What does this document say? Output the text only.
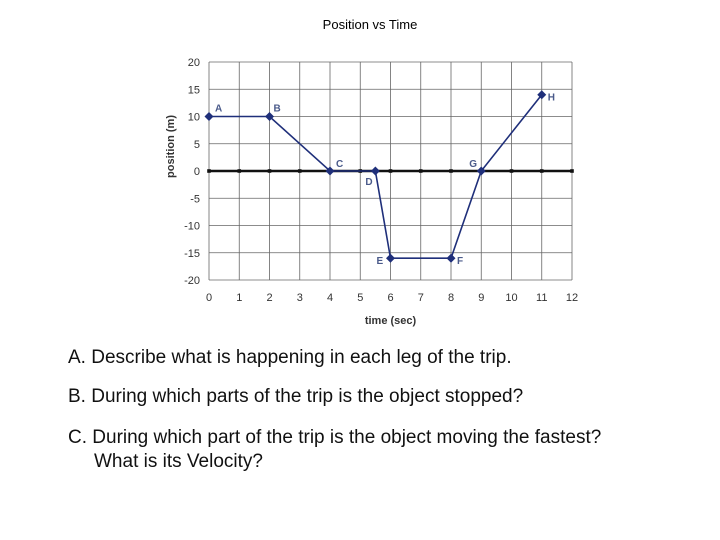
Position vs Time
20
15
10
5
0
-5
-10
-15
-20
0 1 2 3 4 5 6 7 8 9 10 11 12
A	B
C
D
E	F
G
H
time (sec)
position (m)

A. Describe what is happening in each leg of the trip.

B. During which parts of the trip is the object stopped?

C. During which part of the trip is the object moving the fastest?
What is its Velocity?
